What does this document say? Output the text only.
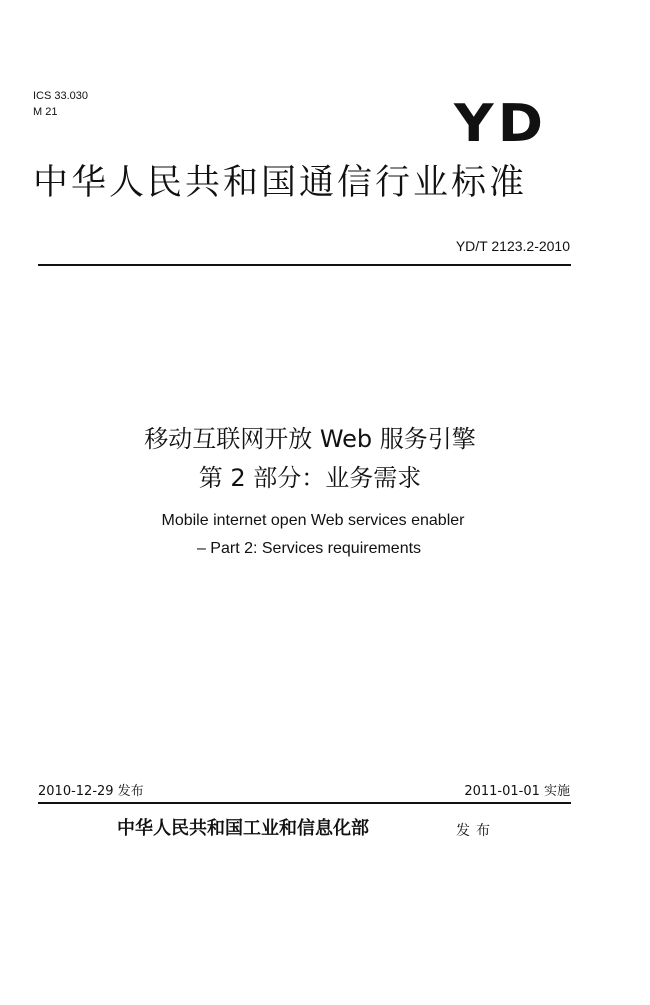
ICS 33.030
M 21	YD
中华人民共和国通信行业标准
YD/T 2123.2-2010
移动互联网开放 Web 服务引擎
第 2 部分：业务需求
Mobile internet open Web services enabler
– Part 2: Services requirements
2010-12-29 发布	2011-01-01 实施
中华人民共和国工业和信息化部	发布
